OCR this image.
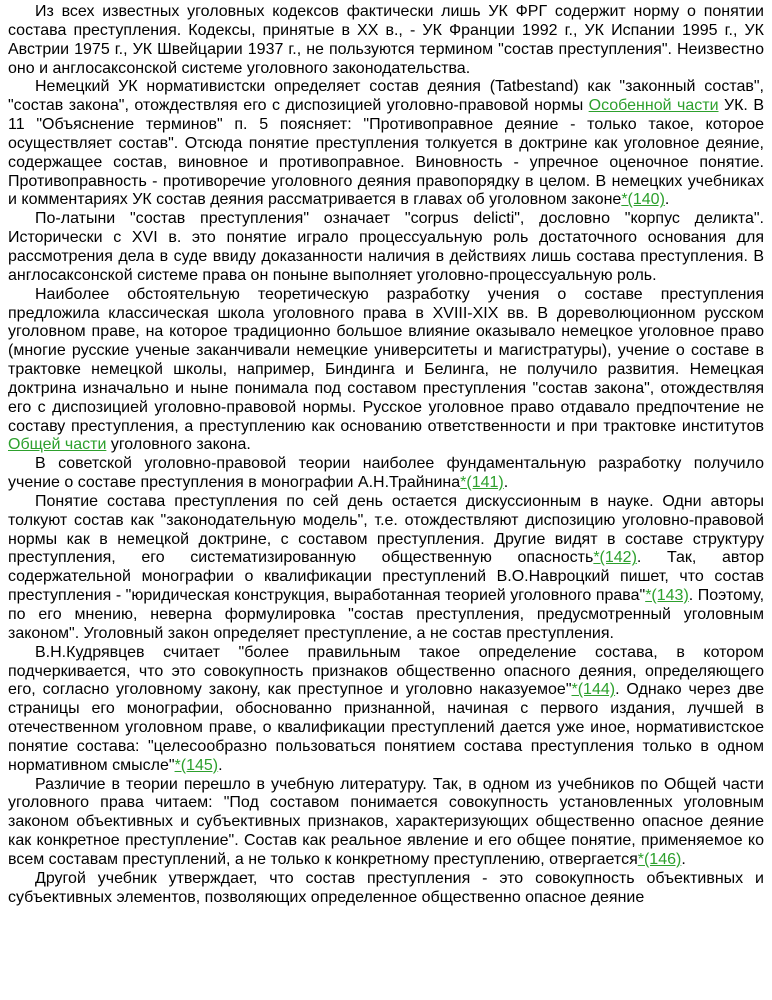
Из всех известных уголовных кодексов фактически лишь УК ФРГ содержит норму о понятии состава преступления. Кодексы, принятые в XX в., - УК Франции 1992 г., УК Испании 1995 г., УК Австрии 1975 г., УК Швейцарии 1937 г., не пользуются термином "состав преступления". Неизвестно оно и англосаксонской системе уголовного законодательства.

Немецкий УК нормативистски определяет состав деяния (Tatbestand) как "законный состав", "состав закона", отождествляя его с диспозицией уголовно-правовой нормы Особенной части УК. В 11 "Объяснение терминов" п. 5 поясняет: "Противоправное деяние - только такое, которое осуществляет состав". Отсюда понятие преступления толкуется в доктрине как уголовное деяние, содержащее состав, виновное и противоправное. Виновность - упречное оценочное понятие. Противоправность - противоречие уголовного деяния правопорядку в целом. В немецких учебниках и комментариях УК состав деяния рассматривается в главах об уголовном законе*(140).

По-латыни "состав преступления" означает "corpus delicti", дословно "корпус деликта". Исторически с XVI в. это понятие играло процессуальную роль достаточного основания для рассмотрения дела в суде ввиду доказанности наличия в действиях лишь состава преступления. В англосаксонской системе права он поныне выполняет уголовно-процессуальную роль.

Наиболее обстоятельную теоретическую разработку учения о составе преступления предложила классическая школа уголовного права в XVIII-XIX вв. В дореволюционном русском уголовном праве, на которое традиционно большое влияние оказывало немецкое уголовное право (многие русские ученые заканчивали немецкие университеты и магистратуры), учение о составе в трактовке немецкой школы, например, Биндинга и Белинга, не получило развития. Немецкая доктрина изначально и ныне понимала под составом преступления "состав закона", отождествляя его с диспозицией уголовно-правовой нормы. Русское уголовное право отдавало предпочтение не составу преступления, а преступлению как основанию ответственности и при трактовке институтов Общей части уголовного закона.

В советской уголовно-правовой теории наиболее фундаментальную разработку получило учение о составе преступления в монографии А.Н.Трайнина*(141).

Понятие состава преступления по сей день остается дискуссионным в науке. Одни авторы толкуют состав как "законодательную модель", т.е. отождествляют диспозицию уголовно-правовой нормы как в немецкой доктрине, с составом преступления. Другие видят в составе структуру преступления, его систематизированную общественную опасность*(142). Так, автор содержательной монографии о квалификации преступлений В.О.Навроцкий пишет, что состав преступления - "юридическая конструкция, выработанная теорией уголовного права"*(143). Поэтому, по его мнению, неверна формулировка "состав преступления, предусмотренный уголовным законом". Уголовный закон определяет преступление, а не состав преступления.

В.Н.Кудрявцев считает "более правильным такое определение состава, в котором подчеркивается, что это совокупность признаков общественно опасного деяния, определяющего его, согласно уголовному закону, как преступное и уголовно наказуемое"*(144). Однако через две страницы его монографии, обоснованно признанной, начиная с первого издания, лучшей в отечественном уголовном праве, о квалификации преступлений дается уже иное, нормативистское понятие состава: "целесообразно пользоваться понятием состава преступления только в одном нормативном смысле"*(145).

Различие в теории перешло в учебную литературу. Так, в одном из учебников по Общей части уголовного права читаем: "Под составом понимается совокупность установленных уголовным законом объективных и субъективных признаков, характеризующих общественно опасное деяние как конкретное преступление". Состав как реальное явление и его общее понятие, применяемое ко всем составам преступлений, а не только к конкретному преступлению, отвергается*(146).

Другой учебник утверждает, что состав преступления - это совокупность объективных и субъективных элементов, позволяющих определенное общественно опасное деяние
